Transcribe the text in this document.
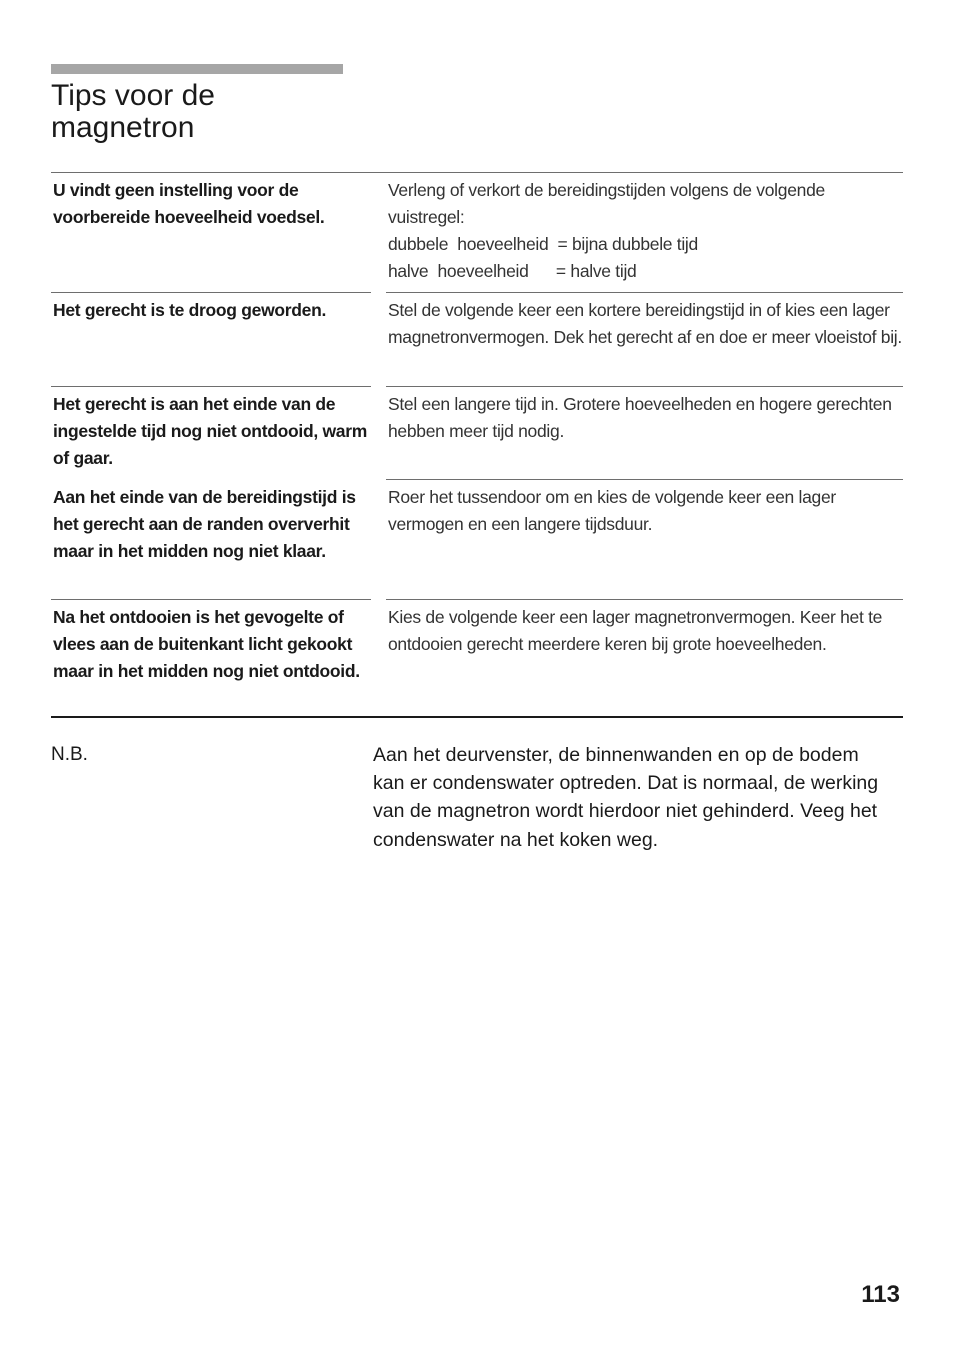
Tips voor de
magnetron
U vindt geen instelling voor de voorbereide hoeveelheid voedsel.
Verleng of verkort de bereidingstijden volgens de volgende vuistregel:
dubbele  hoeveelheid  = bijna dubbele tijd
halve  hoeveelheid      = halve tijd
Het gerecht is te droog geworden.	Stel de volgende keer een kortere bereidingstijd in of kies een lager magnetronvermogen. Dek het gerecht af en doe er meer vloeistof bij.
Het gerecht is aan het einde van de ingestelde tijd nog niet ontdooid, warm of gaar.
Stel een langere tijd in. Grotere hoeveelheden en hogere gerechten hebben meer tijd nodig.
Aan het einde van de bereidingstijd is het gerecht aan de randen oververhit maar in het midden nog niet klaar.
Roer het tussendoor om en kies de volgende keer een lager vermogen en een langere tijdsduur.
Na het ontdooien is het gevogelte of vlees aan de buitenkant licht gekookt maar in het midden nog niet ontdooid.
Kies de volgende keer een lager magnetronvermogen. Keer het te ontdooien gerecht meerdere keren bij grote hoeveelheden.
N.B.	Aan het deurvenster, de binnenwanden en op de bodem kan er condenswater optreden. Dat is normaal, de werking van de magnetron wordt hierdoor niet gehinderd. Veeg het condenswater na het koken weg.
113
